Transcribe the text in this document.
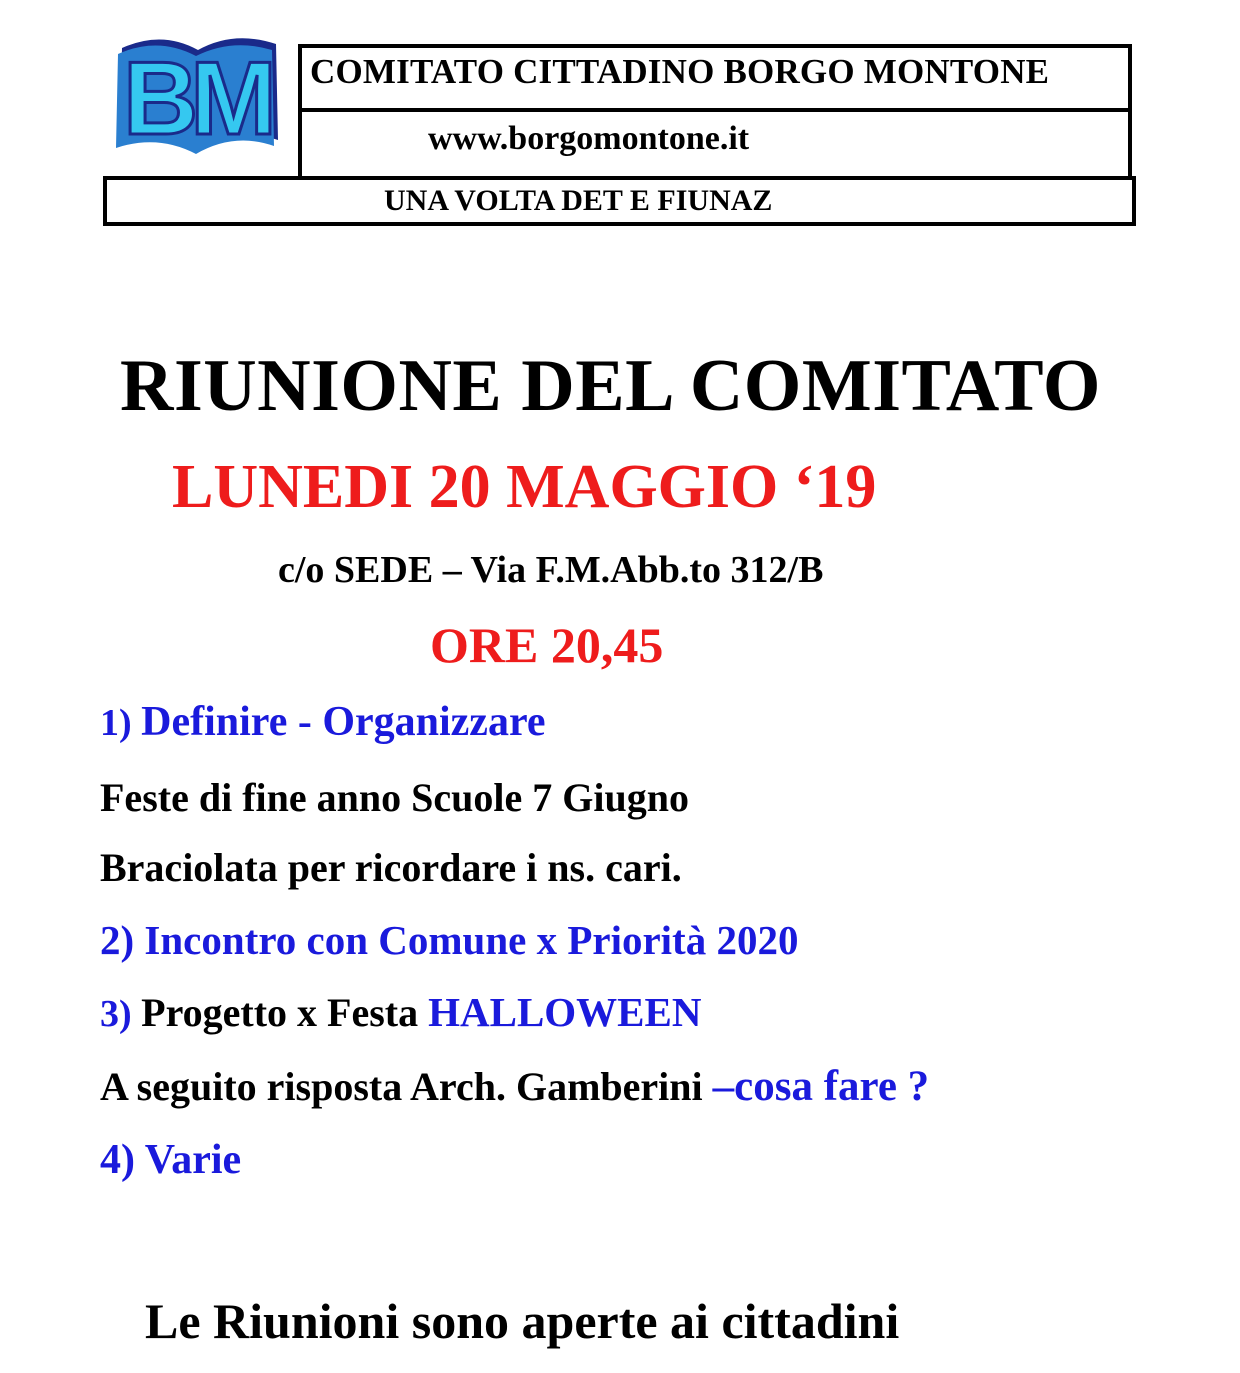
BM COMITATO CITTADINO BORGO MONTONE
www.borgomontone.it
UNA VOLTA DET E FIUNAZ
RIUNIONE DEL COMITATO
LUNEDI 20 MAGGIO ‘19
c/o SEDE – Via F.M.Abb.to 312/B
ORE 20,45
1) Definire - Organizzare
Feste di fine anno Scuole 7 Giugno
Braciolata per ricordare i ns. cari.
2) Incontro con Comune x Priorità 2020
3) Progetto x Festa HALLOWEEN
A seguito risposta Arch. Gamberini –cosa fare ?
4) Varie
Le Riunioni sono aperte ai cittadini
